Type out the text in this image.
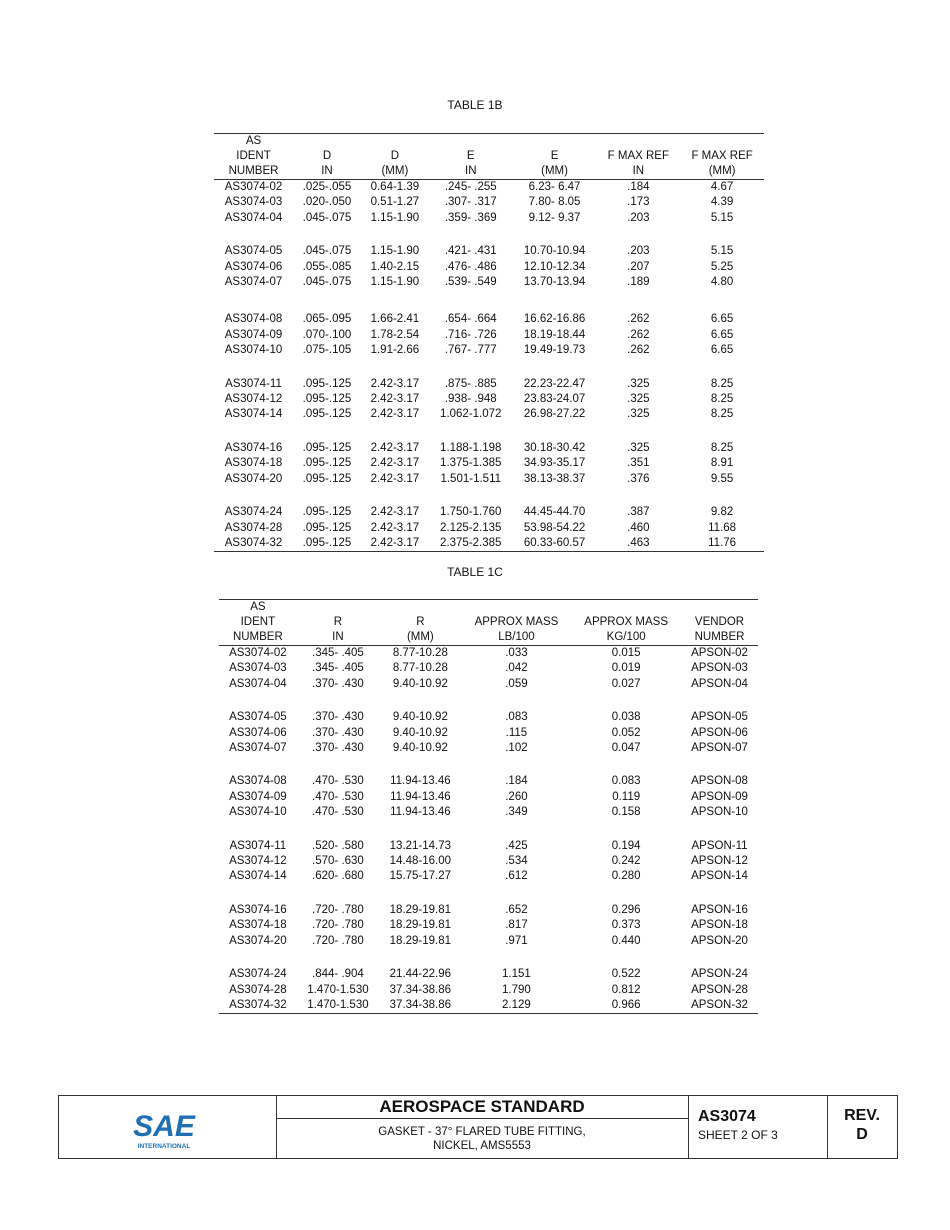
TABLE 1B
AS						
IDENT	D	D	E	E	F MAX REF	F MAX REF
NUMBER	IN	(MM)	IN	(MM)	IN	(MM)
AS3074-02	.025-.055	0.64-1.39	.245- .255	6.23- 6.47	.184	4.67
AS3074-03	.020-.050	0.51-1.27	.307- .317	7.80- 8.05	.173	4.39
AS3074-04	.045-.075	1.15-1.90	.359- .369	9.12- 9.37	.203	5.15

AS3074-05	.045-.075	1.15-1.90	.421- .431	10.70-10.94	.203	5.15
AS3074-06	.055-.085	1.40-2.15	.476- .486	12.10-12.34	.207	5.25
AS3074-07	.045-.075	1.15-1.90	.539- .549	13.70-13.94	.189	4.80

AS3074-08	.065-.095	1.66-2.41	.654- .664	16.62-16.86	.262	6.65
AS3074-09	.070-.100	1.78-2.54	.716- .726	18.19-18.44	.262	6.65
AS3074-10	.075-.105	1.91-2.66	.767- .777	19.49-19.73	.262	6.65

AS3074-11	.095-.125	2.42-3.17	.875- .885	22.23-22.47	.325	8.25
AS3074-12	.095-.125	2.42-3.17	.938- .948	23.83-24.07	.325	8.25
AS3074-14	.095-.125	2.42-3.17	1.062-1.072	26.98-27.22	.325	8.25

AS3074-16	.095-.125	2.42-3.17	1.188-1.198	30.18-30.42	.325	8.25
AS3074-18	.095-.125	2.42-3.17	1.375-1.385	34.93-35.17	.351	8.91
AS3074-20	.095-.125	2.42-3.17	1.501-1.511	38.13-38.37	.376	9.55

AS3074-24	.095-.125	2.42-3.17	1.750-1.760	44.45-44.70	.387	9.82
AS3074-28	.095-.125	2.42-3.17	2.125-2.135	53.98-54.22	.460	11.68
AS3074-32	.095-.125	2.42-3.17	2.375-2.385	60.33-60.57	.463	11.76
TABLE 1C
AS					
IDENT	R	R	APPROX MASS	APPROX MASS	VENDOR
NUMBER	IN	(MM)	LB/100	KG/100	NUMBER
AS3074-02	.345- .405	8.77-10.28	.033	0.015	APSON-02
AS3074-03	.345- .405	8.77-10.28	.042	0.019	APSON-03
AS3074-04	.370- .430	9.40-10.92	.059	0.027	APSON-04

AS3074-05	.370- .430	9.40-10.92	.083	0.038	APSON-05
AS3074-06	.370- .430	9.40-10.92	.115	0.052	APSON-06
AS3074-07	.370- .430	9.40-10.92	.102	0.047	APSON-07

AS3074-08	.470- .530	11.94-13.46	.184	0.083	APSON-08
AS3074-09	.470- .530	11.94-13.46	.260	0.119	APSON-09
AS3074-10	.470- .530	11.94-13.46	.349	0.158	APSON-10

AS3074-11	.520- .580	13.21-14.73	.425	0.194	APSON-11
AS3074-12	.570- .630	14.48-16.00	.534	0.242	APSON-12
AS3074-14	.620- .680	15.75-17.27	.612	0.280	APSON-14

AS3074-16	.720- .780	18.29-19.81	.652	0.296	APSON-16
AS3074-18	.720- .780	18.29-19.81	.817	0.373	APSON-18
AS3074-20	.720- .780	18.29-19.81	.971	0.440	APSON-20

AS3074-24	.844- .904	21.44-22.96	1.151	0.522	APSON-24
AS3074-28	1.470-1.530	37.34-38.86	1.790	0.812	APSON-28
AS3074-32	1.470-1.530	37.34-38.86	2.129	0.966	APSON-32
SAE
INTERNATIONAL
AEROSPACE STANDARD
GASKET - 37° FLARED TUBE FITTING,
NICKEL, AMS5553
AS3074
SHEET 2 OF 3
REV.
D
